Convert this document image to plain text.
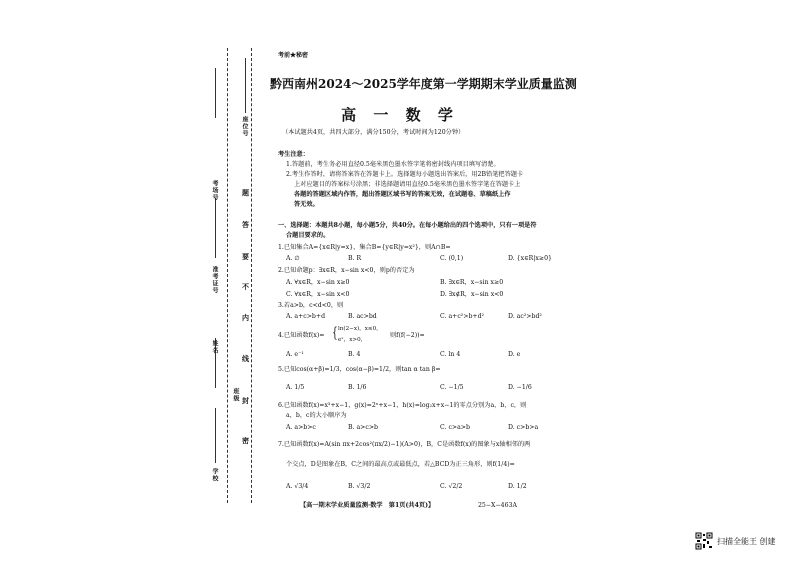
学校
班级
姓名
准考证号
考场号
座位号
密
封
线
内
不
要
答
题
考前★秘密
黔西南州2024～2025学年度第一学期期末学业质量监测
高 一 数 学
（本试题共4页，共四大部分，满分150分，考试时间为120分钟）
考生注意：
1.答题前，考生务必用直径0.5毫米黑色墨水签字笔将密封线内项目填写清楚。
2.考生作答时，请将答案答在答题卡上。选择题每小题选出答案后，用2B铅笔把答题卡
上对应题目的答案标号涂黑；非选择题请用直径0.5毫米黑色墨水签字笔在答题卡上
各题的答题区域内作答，超出答题区域书写的答案无效，在试题卷、草稿纸上作
答无效。
一、选择题：本题共8小题，每小题5分，共40分。在每小题给出的四个选项中，只有一项是符
合题目要求的。
1.已知集合A={x∈R|y=x}，集合B={y∈R|y=x²}，则A∩B=
A. ∅	B. R	C. (0,1)	D. {x∈R|x≥0}
2.已知命题p：∃x∈R，x−sin x<0，则p的否定为
A. ∀x∈R，x−sin x≥0	B. ∃x∈R，x−sin x≥0
C. ∀x∈R，x−sin x<0	D. ∃x∉R，x−sin x<0
3.若a>b，c<d<0，则
A. a+c>b+d	B. ac>bd	C. a+c²>b+d²	D. ac²>bd²
4.已知函数f(x)= { ln(2−x)，x≤0，
eˣ，x>0，
则f(f(−2))=
A. e⁻¹	B. 4	C. ln 4	D. e
5.已知cos(α+β)=1/3，cos(α−β)=1/2，则tan α tan β=
A. 1/5	B. 1/6	C. −1/5	D. −1/6
6.已知函数f(x)=x³+x−1，g(x)=2ˣ+x−1，h(x)=log₂x+x−1的零点分别为a，b，c，则
a，b，c的大小顺序为
A. a>b>c	B. a>c>b	C. c>a>b	D. c>b>a
7.已知函数f(x)=A(sin πx+2cos²(πx/2)−1)(A>0)，B，C是函数f(x)的图象与x轴相邻的两
个交点，D是图象在B，C之间的最高点或最低点，若△BCD为正三角形，则f(1/4)=
A. √3/4	B. √3/2	C. √2/2	D. 1/2
【高一期末学业质量监测·数学　第1页(共4页)】	25−X−463A
扫描全能王 创建
